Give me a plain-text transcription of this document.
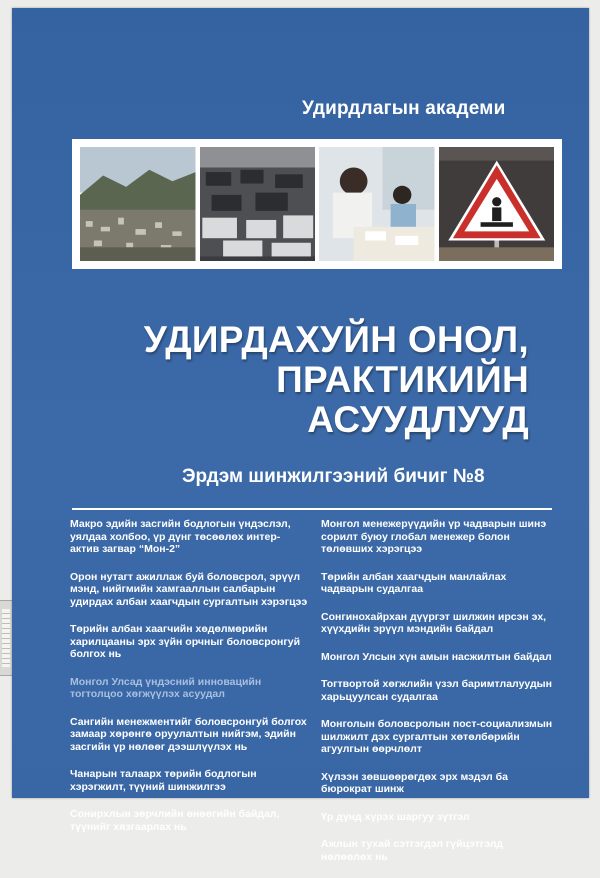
Удирдлагын академи
УДИРДАХУЙН ОНОЛ,
ПРАКТИКИЙН
АСУУДЛУУД
Эрдэм шинжилгээний бичиг №8
Макро эдийн засгийн бодлогын үндэслэл, уялдаа холбоо, үр дүнг төсөөлөх интер-актив загвар “Мон-2”
Орон нутагт ажиллаж буй боловсрол, эрүүл мэнд, нийгмийн хамгааллын салбарын удирдах албан хаагчдын сургалтын хэрэгцээ
Төрийн албан хаагчийн хөдөлмөрийн харилцааны эрх зүйн орчныг боловсронгуй болгох нь
Монгол Улсад үндэсний инновацийн тогтолцоо хөгжүүлэх асуудал
Сангийн менежментийг боловсронгуй болгох замаар хөрөнгө оруулалтын нийгэм, эдийн засгийн үр нөлөөг дээшлүүлэх нь
Чанарын талаарх төрийн бодлогын хэрэгжилт, түүний шинжилгээ
Сонирхлын зөрчлийн өнөөгийн байдал, түүнийг хязгаарлах нь
Монгол менежерүүдийн үр чадварын шинэ сорилт буюу глобал менежер болон төлөвших хэрэгцээ
Төрийн албан хаагчдын манлайлах чадварын судалгаа
Сонгинохайрхан дүүргэт шилжин ирсэн эх, хүүхдийн эрүүл мэндийн байдал
Монгол Улсын хүн амын насжилтын байдал
Тогтвортой хөгжлийн үзэл баримтлалуудын харьцуулсан судалгаа
Монголын боловсролын пост-социализмын шилжилт дэх сургалтын хөтөлбөрийн агуулгын өөрчлөлт
Хүлээн зөвшөөрөгдөх эрх мэдэл ба бюрократ шинж
Үр дүнд хүрэх шаргуу зүтгэл
Ажлын тухай сэтгэгдэл гүйцэтгэлд нөлөөлөх нь
